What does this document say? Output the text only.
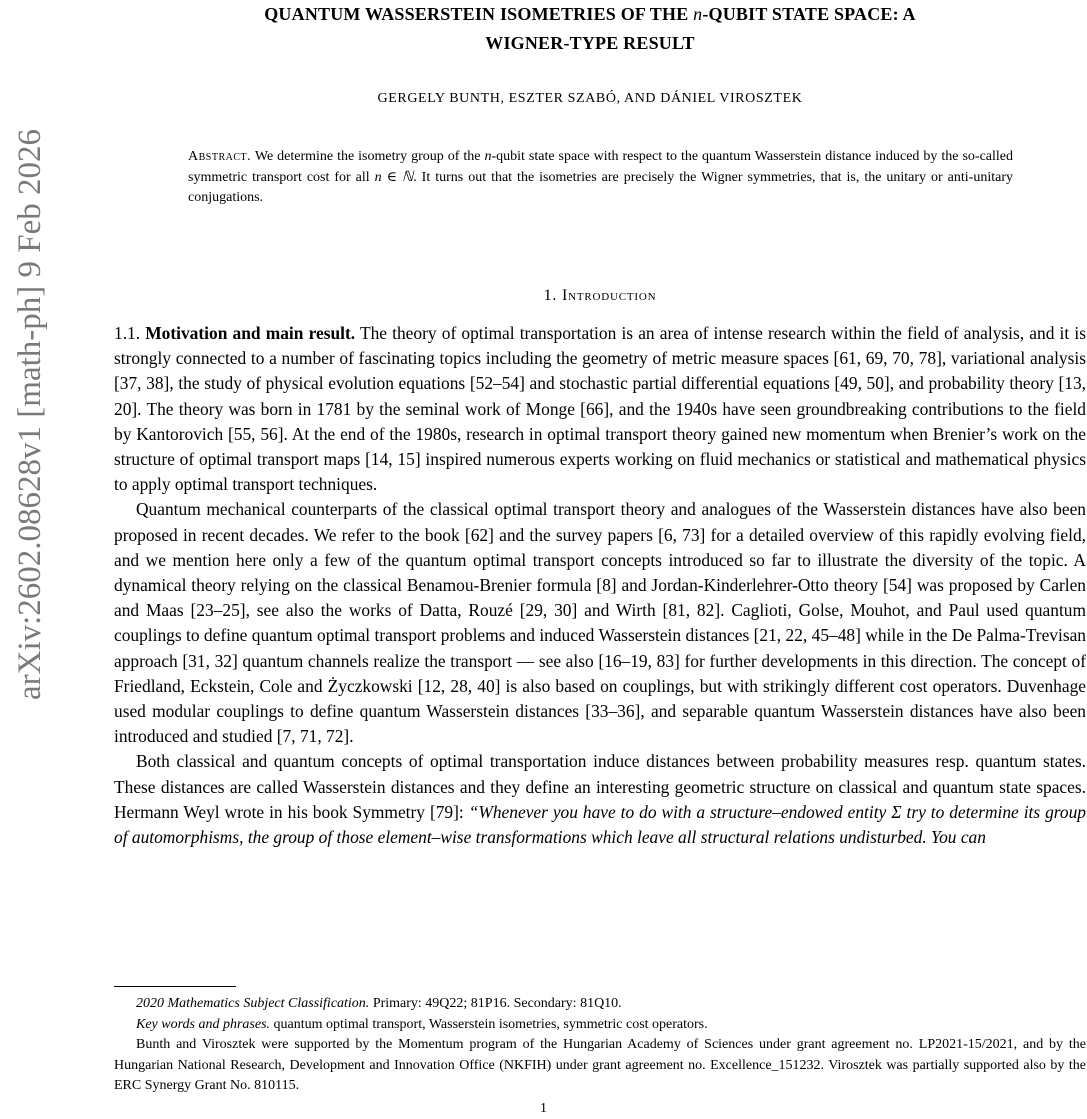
arXiv:2602.08628v1 [math-ph] 9 Feb 2026
QUANTUM WASSERSTEIN ISOMETRIES OF THE n-QUBIT STATE SPACE: A
WIGNER-TYPE RESULT
GERGELY BUNTH, ESZTER SZABÓ, AND DÁNIEL VIROSZTEK
Abstract. We determine the isometry group of the n-qubit state space with respect to the quantum Wasserstein distance induced by the so-called symmetric transport cost for all n ∈ ℕ. It turns out that the isometries are precisely the Wigner symmetries, that is, the unitary or anti-unitary conjugations.
1. Introduction

1.1. Motivation and main result. The theory of optimal transportation is an area of intense research within the field of analysis, and it is strongly connected to a number of fascinating topics including the geometry of metric measure spaces [61, 69, 70, 78], variational analysis [37, 38], the study of physical evolution equations [52–54] and stochastic partial differential equations [49, 50], and probability theory [13, 20]. The theory was born in 1781 by the seminal work of Monge [66], and the 1940s have seen groundbreaking contributions to the field by Kantorovich [55, 56]. At the end of the 1980s, research in optimal transport theory gained new momentum when Brenier’s work on the structure of optimal transport maps [14, 15] inspired numerous experts working on fluid mechanics or statistical and mathematical physics to apply optimal transport techniques.

Quantum mechanical counterparts of the classical optimal transport theory and analogues of the Wasserstein distances have also been proposed in recent decades. We refer to the book [62] and the survey papers [6, 73] for a detailed overview of this rapidly evolving field, and we mention here only a few of the quantum optimal transport concepts introduced so far to illustrate the diversity of the topic. A dynamical theory relying on the classical Benamou-Brenier formula [8] and Jordan-Kinderlehrer-Otto theory [54] was proposed by Carlen and Maas [23–25], see also the works of Datta, Rouzé [29, 30] and Wirth [81, 82]. Caglioti, Golse, Mouhot, and Paul used quantum couplings to define quantum optimal transport problems and induced Wasserstein distances [21, 22, 45–48] while in the De Palma-Trevisan approach [31, 32] quantum channels realize the transport — see also [16–19, 83] for further developments in this direction. The concept of Friedland, Eckstein, Cole and Życzkowski [12, 28, 40] is also based on couplings, but with strikingly different cost operators. Duvenhage used modular couplings to define quantum Wasserstein distances [33–36], and separable quantum Wasserstein distances have also been introduced and studied [7, 71, 72].

Both classical and quantum concepts of optimal transportation induce distances between probability measures resp. quantum states. These distances are called Wasserstein distances and they define an interesting geometric structure on classical and quantum state spaces. Hermann Weyl wrote in his book Symmetry [79]: “Whenever you have to do with a structure–endowed entity Σ try to determine its group of automorphisms, the group of those element–wise transformations which leave all structural relations undisturbed. You can

2020 Mathematics Subject Classification. Primary: 49Q22; 81P16. Secondary: 81Q10.

Key words and phrases. quantum optimal transport, Wasserstein isometries, symmetric cost operators.

Bunth and Virosztek were supported by the Momentum program of the Hungarian Academy of Sciences under grant agreement no. LP2021-15/2021, and by the Hungarian National Research, Development and Innovation Office (NKFIH) under grant agreement no. Excellence_151232. Virosztek was partially supported also by the ERC Synergy Grant No. 810115.

1
